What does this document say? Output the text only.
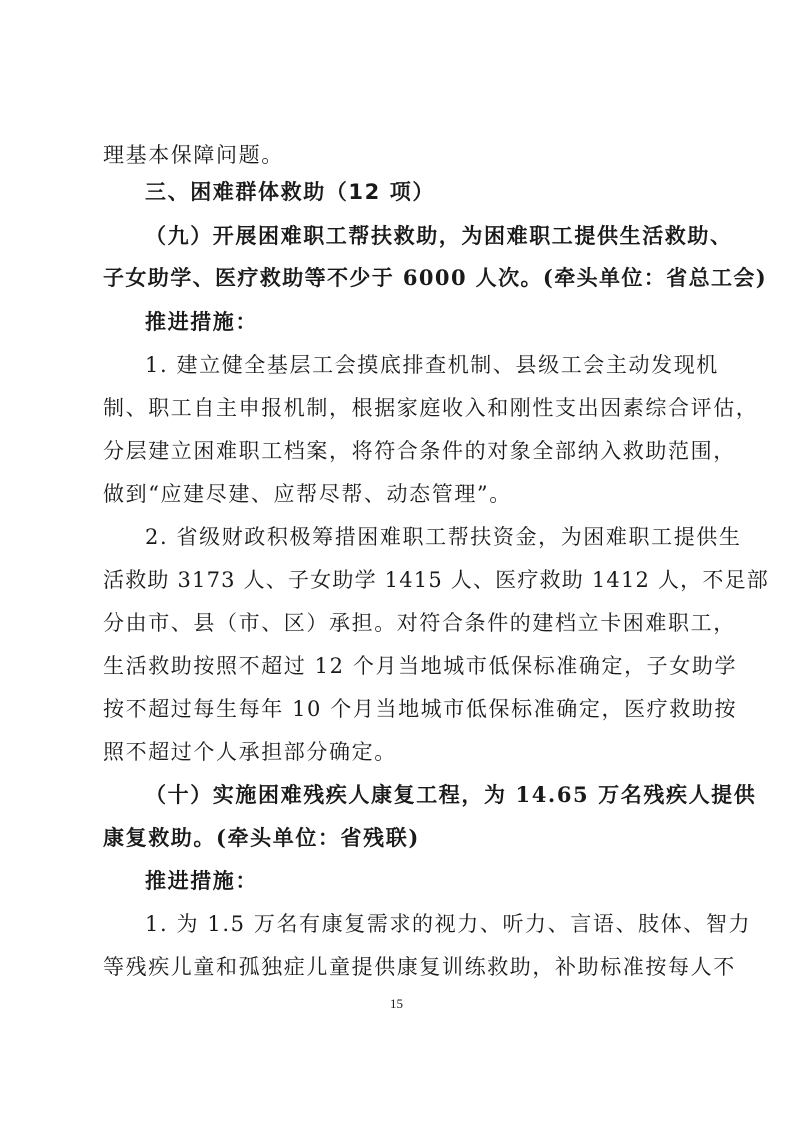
理基本保障问题。
三、困难群体救助（12 项）
（九）开展困难职工帮扶救助，为困难职工提供生活救助、
子女助学、医疗救助等不少于 6000 人次。(牵头单位：省总工会)
推进措施：
1. 建立健全基层工会摸底排查机制、县级工会主动发现机
制、职工自主申报机制，根据家庭收入和刚性支出因素综合评估，
分层建立困难职工档案，将符合条件的对象全部纳入救助范围，
做到“应建尽建、应帮尽帮、动态管理”。
2. 省级财政积极筹措困难职工帮扶资金，为困难职工提供生
活救助 3173 人、子女助学 1415 人、医疗救助 1412 人，不足部
分由市、县（市、区）承担。对符合条件的建档立卡困难职工，
生活救助按照不超过 12 个月当地城市低保标准确定，子女助学
按不超过每生每年 10 个月当地城市低保标准确定，医疗救助按
照不超过个人承担部分确定。
（十）实施困难残疾人康复工程，为 14.65 万名残疾人提供
康复救助。(牵头单位：省残联)
推进措施：
1. 为 1.5 万名有康复需求的视力、听力、言语、肢体、智力
等残疾儿童和孤独症儿童提供康复训练救助，补助标准按每人不
15
